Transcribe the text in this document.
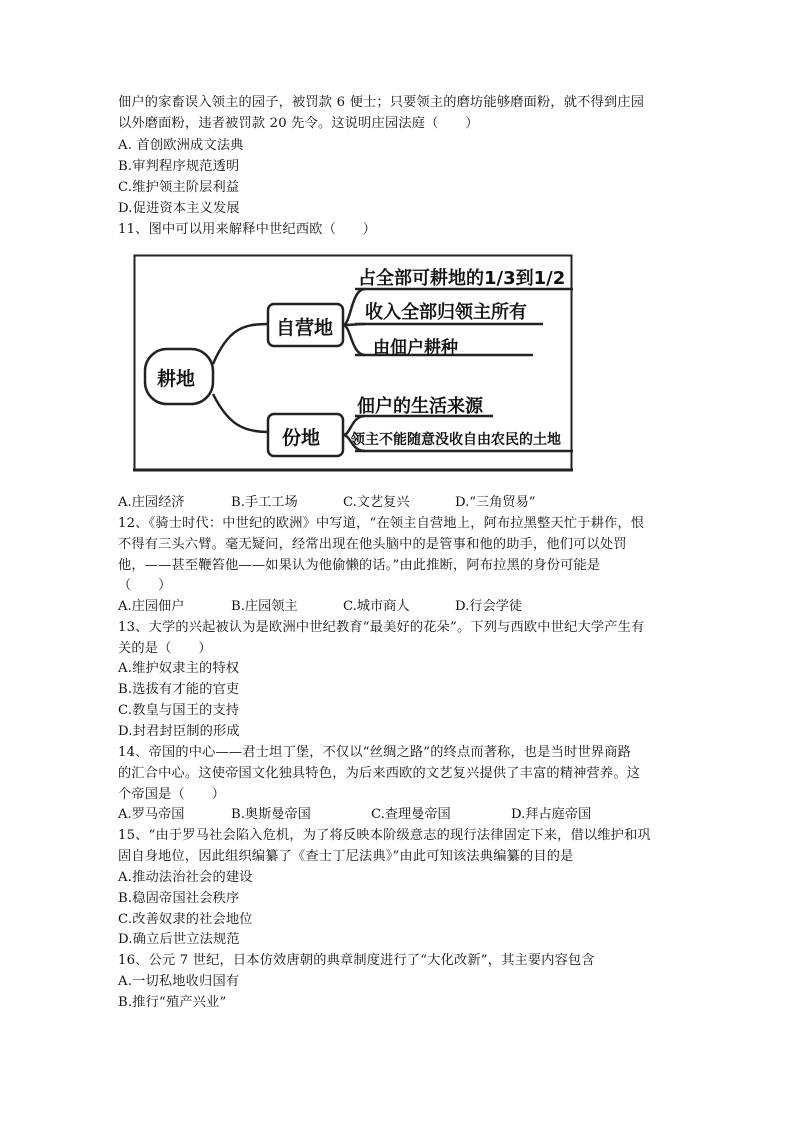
佃户的家畜误入领主的园子，被罚款 6 便士；只要领主的磨坊能够磨面粉，就不得到庄园
以外磨面粉，违者被罚款 20 先令。这说明庄园法庭（　　）
A. 首创欧洲成文法典
B.审判程序规范透明
C.维护领主阶层利益
D.促进资本主义发展
11、图中可以用来解释中世纪西欧（　　）
耕地
自营地
份地
占全部可耕地的1/3到1/2
收入全部归领主所有
由佃户耕种
佃户的生活来源
领主不能随意没收自由农民的土地
A.庄园经济	B.手工工场	C.文艺复兴	D.“三角贸易”
12、《骑士时代：中世纪的欧洲》中写道，“在领主自营地上，阿布拉黑整天忙于耕作，恨
不得有三头六臂。毫无疑问，经常出现在他头脑中的是管事和他的助手，他们可以处罚
他，——甚至鞭笞他——如果认为他偷懒的话。”由此推断，阿布拉黑的身份可能是
（　　）
A.庄园佃户	B.庄园领主	C.城市商人	D.行会学徒
13、大学的兴起被认为是欧洲中世纪教育“最美好的花朵”。下列与西欧中世纪大学产生有
关的是（　　）
A.维护奴隶主的特权
B.选拔有才能的官吏
C.教皇与国王的支持
D.封君封臣制的形成
14、帝国的中心——君士坦丁堡，不仅以“丝绸之路”的终点而著称，也是当时世界商路
的汇合中心。这使帝国文化独具特色，为后来西欧的文艺复兴提供了丰富的精神营养。这
个帝国是（　　）
A.罗马帝国	B.奥斯曼帝国	C.查理曼帝国	D.拜占庭帝国
15、“由于罗马社会陷入危机，为了将反映本阶级意志的现行法律固定下来，借以维护和巩
固自身地位，因此组织编纂了《查士丁尼法典》”由此可知该法典编纂的目的是
A.推动法治社会的建设
B.稳固帝国社会秩序
C.改善奴隶的社会地位
D.确立后世立法规范
16、公元 7 世纪，日本仿效唐朝的典章制度进行了“大化改新”，其主要内容包含
A.一切私地收归国有
B.推行“殖产兴业”
